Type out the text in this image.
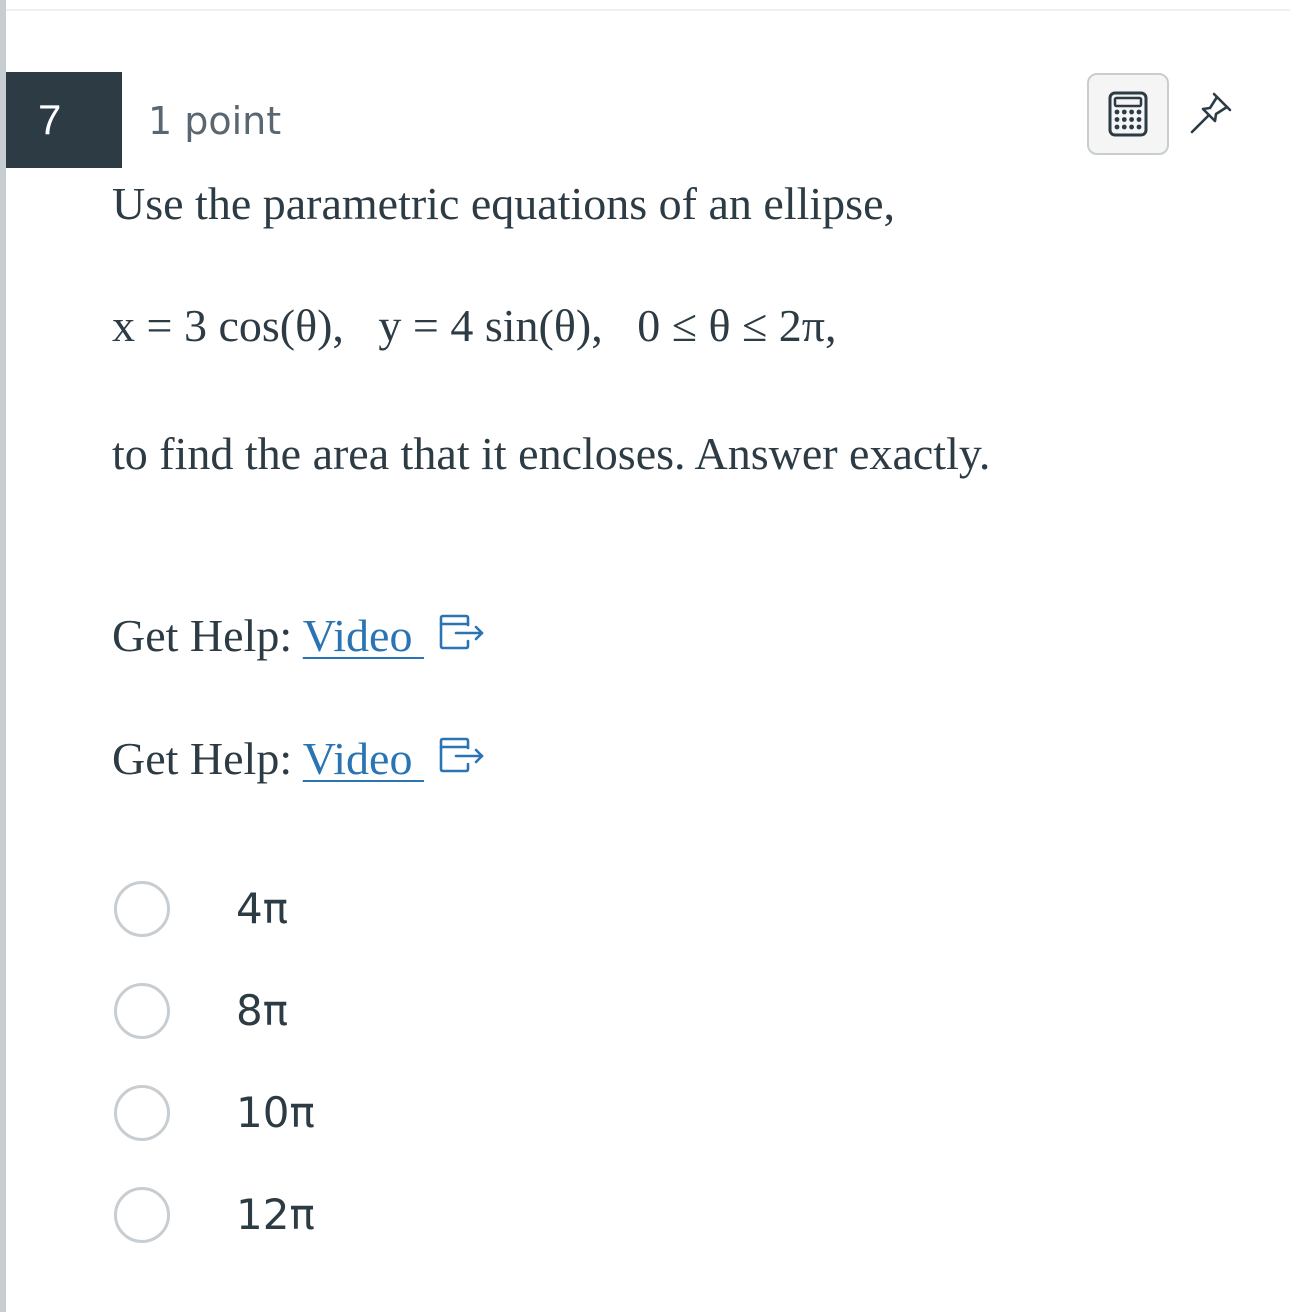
7	1 point
Use the parametric equations of an ellipse,
x = 3 cos(θ),   y = 4 sin(θ),   0 ≤ θ ≤ 2π,
to find the area that it encloses. Answer exactly.
Get Help: Video
Get Help: Video
4π
8π
10π
12π
